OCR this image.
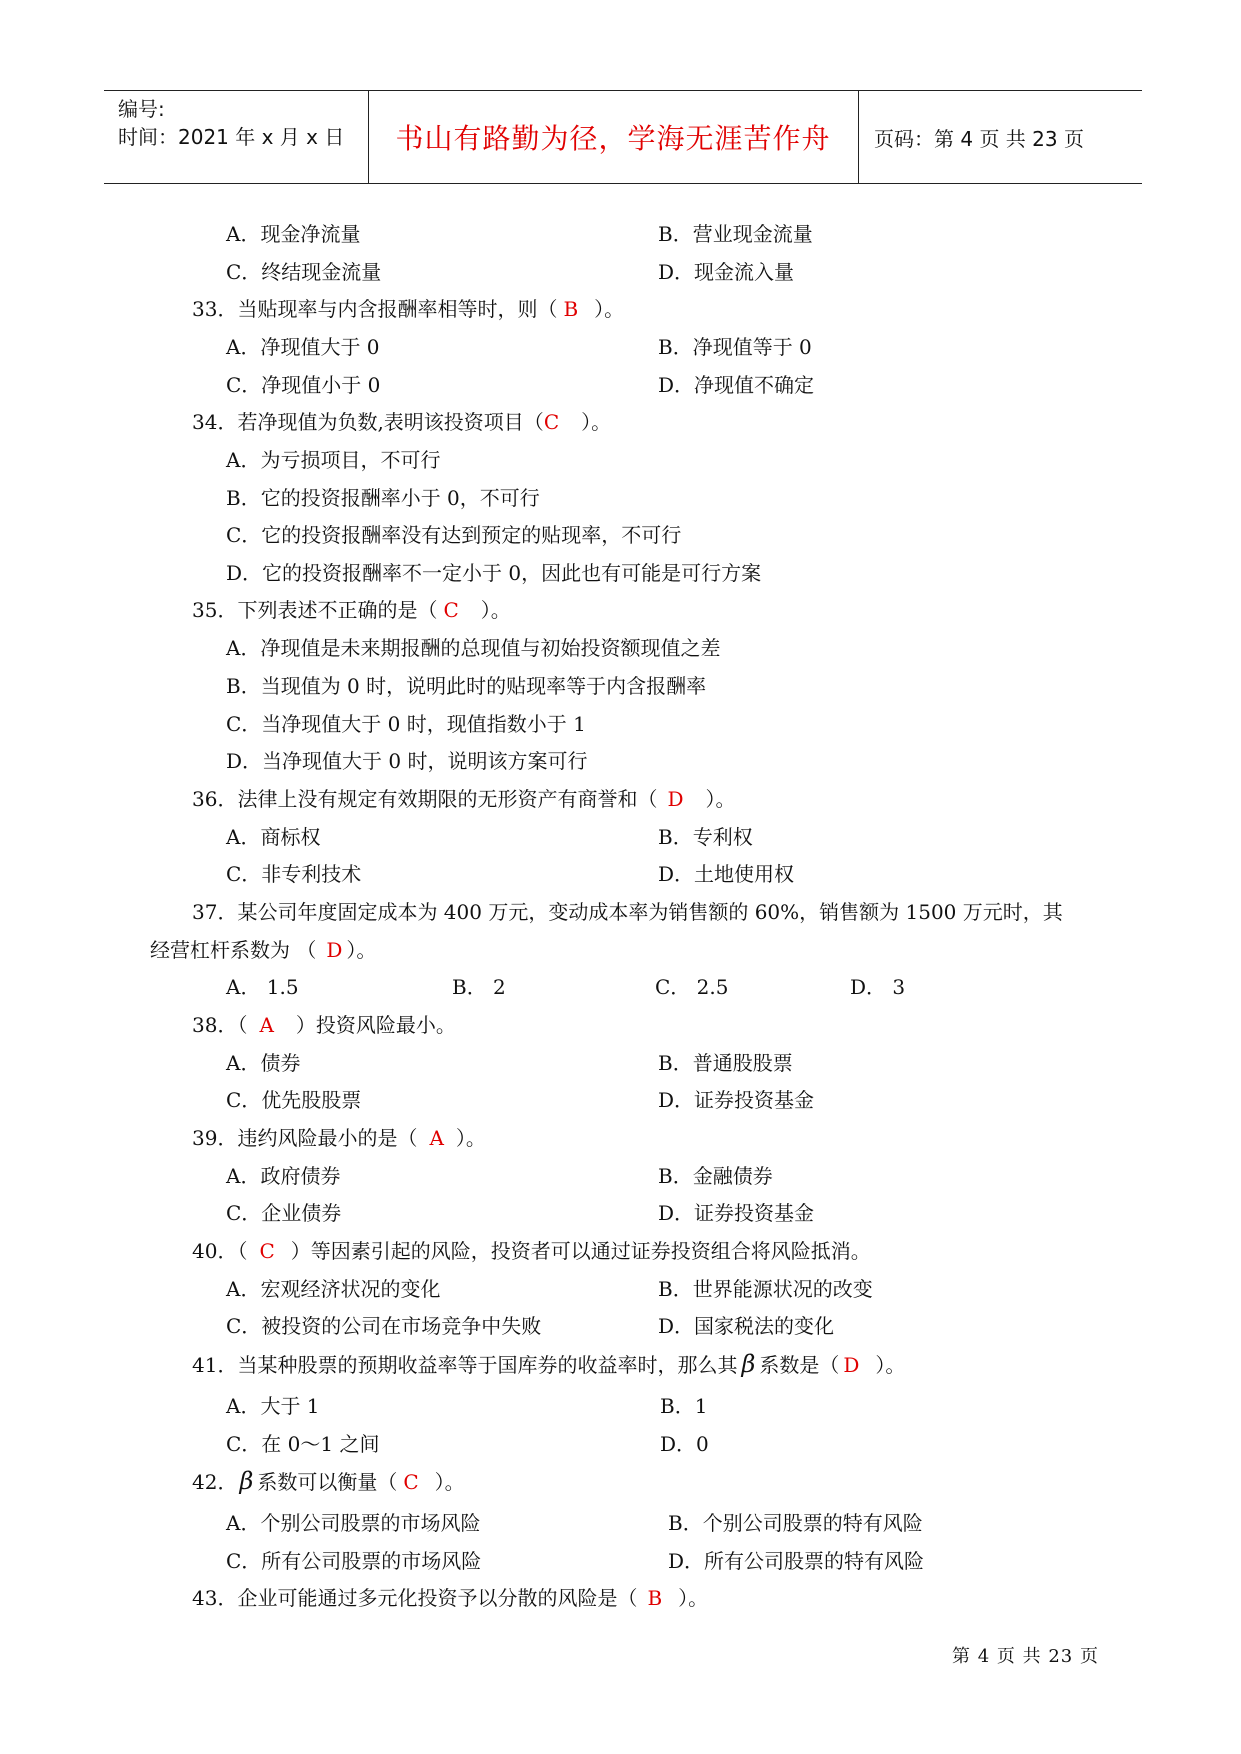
编号:
时间：2021 年 x 月 x 日 书山有路勤为径，学海无涯苦作舟 页码：第 4 页 共 23 页
A．现金净流量	B．营业现金流量
C．终结现金流量	D．现金流入量
33．当贴现率与内含报酬率相等时，则（ B ）。
A．净现值大于 0	B．净现值等于 0
C．净现值小于 0	D．净现值不确定
34．若净现值为负数,表明该投资项目（C ）。
A．为亏损项目，不可行
B．它的投资报酬率小于 0，不可行
C．它的投资报酬率没有达到预定的贴现率，不可行
D．它的投资报酬率不一定小于 0，因此也有可能是可行方案
35．下列表述不正确的是（ C ）。
A．净现值是未来期报酬的总现值与初始投资额现值之差
B．当现值为 0 时，说明此时的贴现率等于内含报酬率
C．当净现值大于 0 时，现值指数小于 1
D．当净现值大于 0 时，说明该方案可行
36．法律上没有规定有效期限的无形资产有商誉和（ D ）。
A．商标权	B．专利权
C．非专利技术	D．土地使用权
37．某公司年度固定成本为 400 万元，变动成本率为销售额的 60%，销售额为 1500 万元时，其
经营杠杆系数为 （ D ）。
A． 1.5	B． 2	C． 2.5	D． 3
38．（ A ）投资风险最小。
A．债券	B．普通股股票
C．优先股股票	D．证券投资基金
39．违约风险最小的是（ A ）。
A．政府债券	B．金融债券
C．企业债券	D．证券投资基金
40．（ C ）等因素引起的风险，投资者可以通过证券投资组合将风险抵消。
A．宏观经济状况的变化	B．世界能源状况的改变
C．被投资的公司在市场竞争中失败	D．国家税法的变化
41．当某种股票的预期收益率等于国库券的收益率时，那么其 β 系数是（ D ）。
A．大于 1	B．1
C．在 0～1 之间	D．0
42．β 系数可以衡量（ C ）。
A．个别公司股票的市场风险	B．个别公司股票的特有风险
C．所有公司股票的市场风险	D．所有公司股票的特有风险
43．企业可能通过多元化投资予以分散的风险是（ B ）。
第 4 页 共 23 页
